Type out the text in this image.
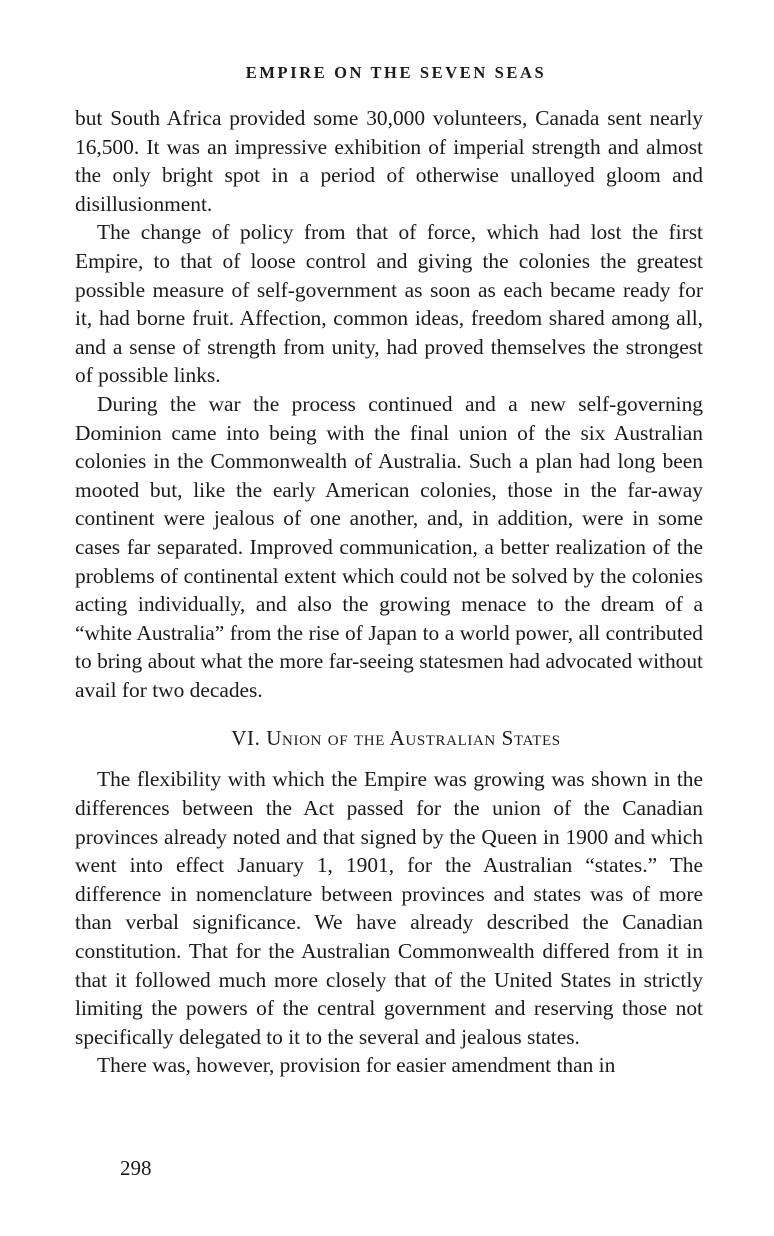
EMPIRE ON THE SEVEN SEAS

but South Africa provided some 30,000 volunteers, Canada sent nearly 16,500. It was an impressive exhibition of imperial strength and almost the only bright spot in a period of otherwise unalloyed gloom and disillusionment.

The change of policy from that of force, which had lost the first Empire, to that of loose control and giving the colonies the greatest possible measure of self-government as soon as each became ready for it, had borne fruit. Affection, common ideas, freedom shared among all, and a sense of strength from unity, had proved themselves the strongest of possible links.

During the war the process continued and a new self-governing Dominion came into being with the final union of the six Australian colonies in the Commonwealth of Australia. Such a plan had long been mooted but, like the early American colonies, those in the far-away continent were jealous of one another, and, in addition, were in some cases far separated. Improved communication, a better realization of the problems of continental extent which could not be solved by the colonies acting individually, and also the growing menace to the dream of a “white Australia” from the rise of Japan to a world power, all contributed to bring about what the more far-seeing statesmen had advocated without avail for two decades.

VI. Union of the Australian States

The flexibility with which the Empire was growing was shown in the differences between the Act passed for the union of the Canadian provinces already noted and that signed by the Queen in 1900 and which went into effect January 1, 1901, for the Australian “states.” The difference in nomenclature between provinces and states was of more than verbal significance. We have already described the Canadian constitution. That for the Australian Commonwealth differed from it in that it followed much more closely that of the United States in strictly limiting the powers of the central government and reserving those not specifically delegated to it to the several and jealous states.

There was, however, provision for easier amendment than in

298
